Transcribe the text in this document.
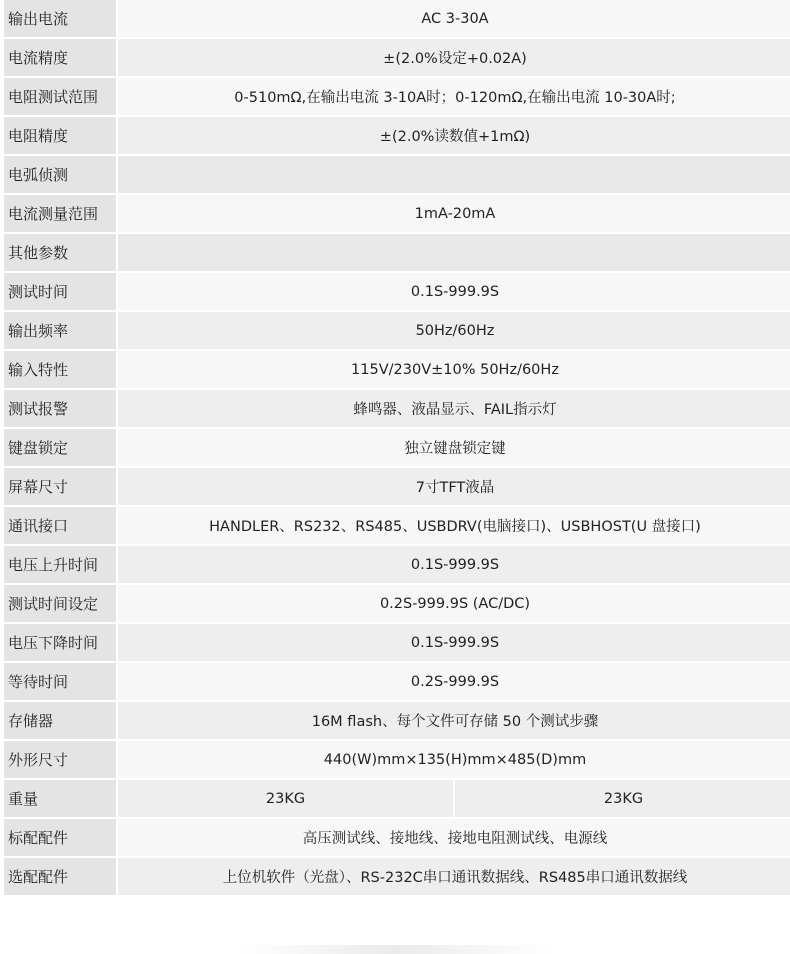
输出电流	AC 3-30A
电流精度	±(2.0%设定+0.02A)
电阻测试范围	0-510mΩ,在输出电流 3-10A时；0-120mΩ,在输出电流 10-30A时;
电阻精度	±(2.0%读数值+1mΩ)
电弧侦测
电流测量范围	1mA-20mA
其他参数
测试时间	0.1S-999.9S
输出频率	50Hz/60Hz
输入特性	115V/230V±10% 50Hz/60Hz
测试报警	蜂鸣器、液晶显示、FAIL指示灯
键盘锁定	独立键盘锁定键
屏幕尺寸	7寸TFT液晶
通讯接口	HANDLER、RS232、RS485、USBDRV(电脑接口)、USBHOST(U 盘接口)
电压上升时间	0.1S-999.9S
测试时间设定	0.2S-999.9S (AC/DC)
电压下降时间	0.1S-999.9S
等待时间	0.2S-999.9S
存储器	16M flash、每个文件可存储 50 个测试步骤
外形尺寸	440(W)mm×135(H)mm×485(D)mm
重量	23KG	23KG
标配配件	高压测试线、接地线、接地电阻测试线、电源线
选配配件	上位机软件（光盘）、RS-232C串口通讯数据线、RS485串口通讯数据线
